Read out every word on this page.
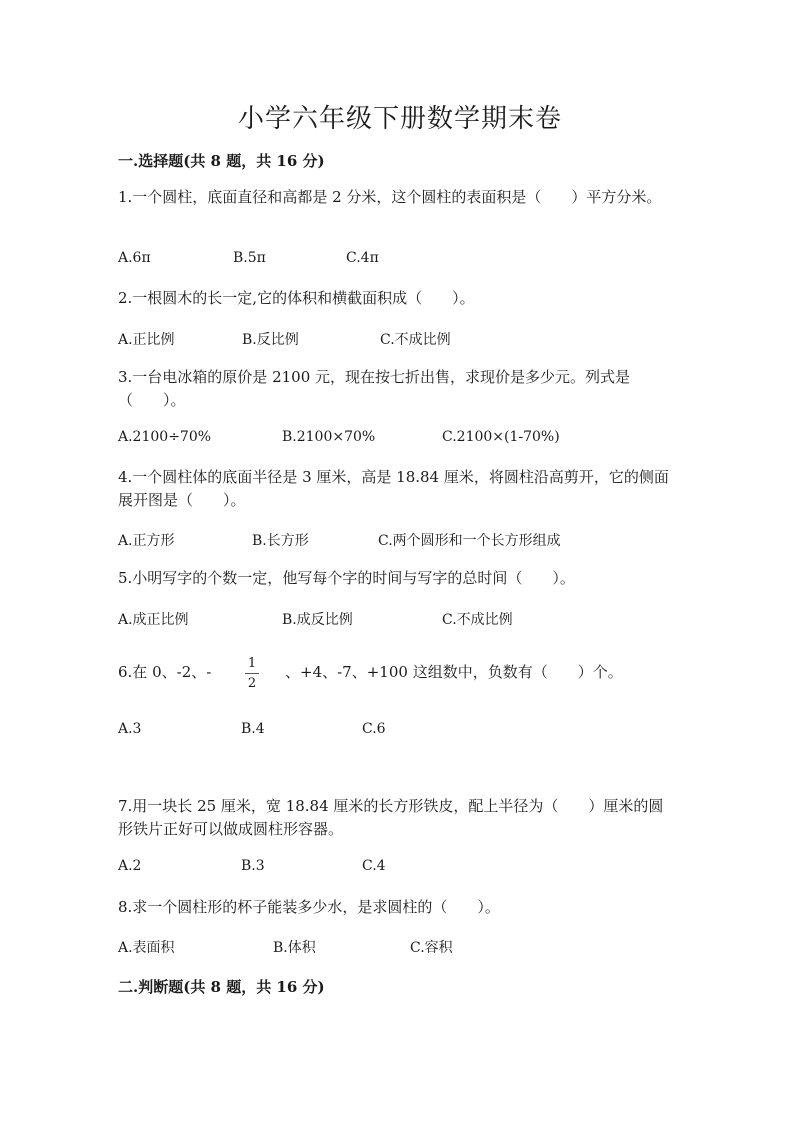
小学六年级下册数学期末卷
一.选择题(共 8 题，共 16 分)
1.一个圆柱，底面直径和高都是 2 分米，这个圆柱的表面积是（　　）平方分米。
A.6π	B.5π	C.4π
2.一根圆木的长一定,它的体积和横截面积成（　　）。
A.正比例	B.反比例	C.不成比例
3.一台电冰箱的原价是 2100 元，现在按七折出售，求现价是多少元。列式是（　　）。
A.2100÷70%	B.2100×70%	C.2100×(1-70%)
4.一个圆柱体的底面半径是 3 厘米，高是 18.84 厘米，将圆柱沿高剪开，它的侧面展开图是（　　）。
A.正方形	B.长方形	C.两个圆形和一个长方形组成
5.小明写字的个数一定，他写每个字的时间与写字的总时间（　　）。
A.成正比例	B.成反比例	C.不成比例
6.在 0、-2、-	1
2
、+4、-7、+100 这组数中，负数有（　　）个。
A.3	B.4	C.6
7.用一块长 25 厘米，宽 18.84 厘米的长方形铁皮，配上半径为（　　）厘米的圆形铁片正好可以做成圆柱形容器。
A.2	B.3	C.4
8.求一个圆柱形的杯子能装多少水，是求圆柱的（　　）。
A.表面积	B.体积	C.容积
二.判断题(共 8 题，共 16 分)
